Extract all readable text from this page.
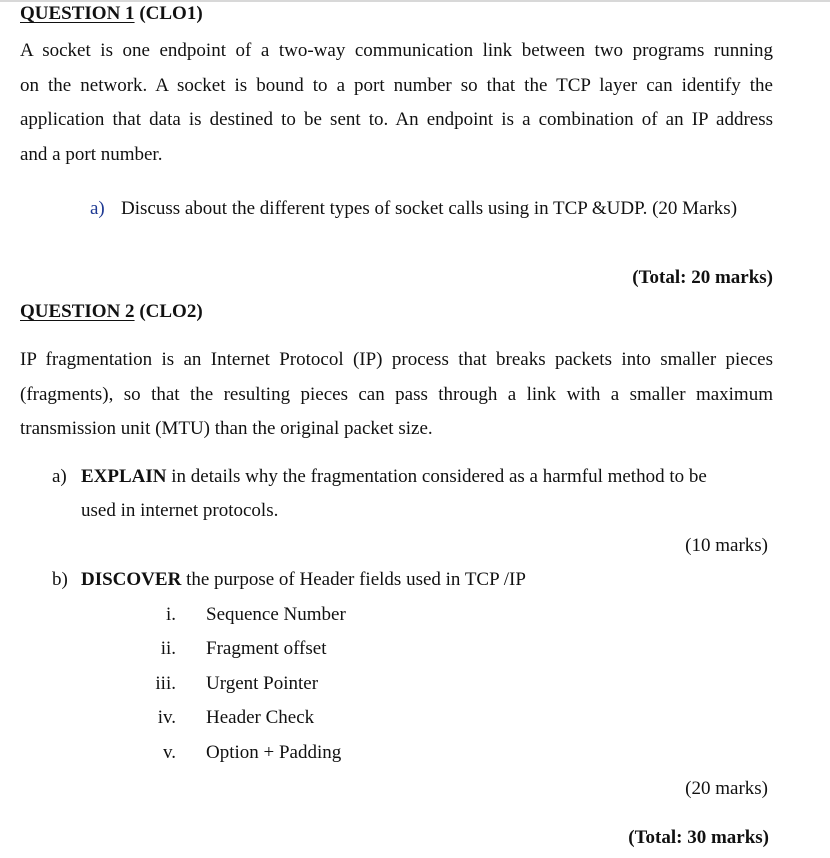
QUESTION 1 (CLO1)
A socket is one endpoint of a two-way communication link between two programs running
on the network. A socket is bound to a port number so that the TCP layer can identify the
application that data is destined to be sent to. An endpoint is a combination of an IP address
and a port number.
a) Discuss about the different types of socket calls using in TCP &UDP. (20 Marks)
(Total: 20 marks)
QUESTION 2 (CLO2)
IP fragmentation is an Internet Protocol (IP) process that breaks packets into smaller pieces
(fragments), so that the resulting pieces can pass through a link with a smaller maximum
transmission unit (MTU) than the original packet size.
a) EXPLAIN in details why the fragmentation considered as a harmful method to be
used in internet protocols.
(10 marks)
b) DISCOVER the purpose of Header fields used in TCP /IP
i. Sequence Number
ii. Fragment offset
iii. Urgent Pointer
iv. Header Check
v. Option + Padding
(20 marks)
(Total: 30 marks)
